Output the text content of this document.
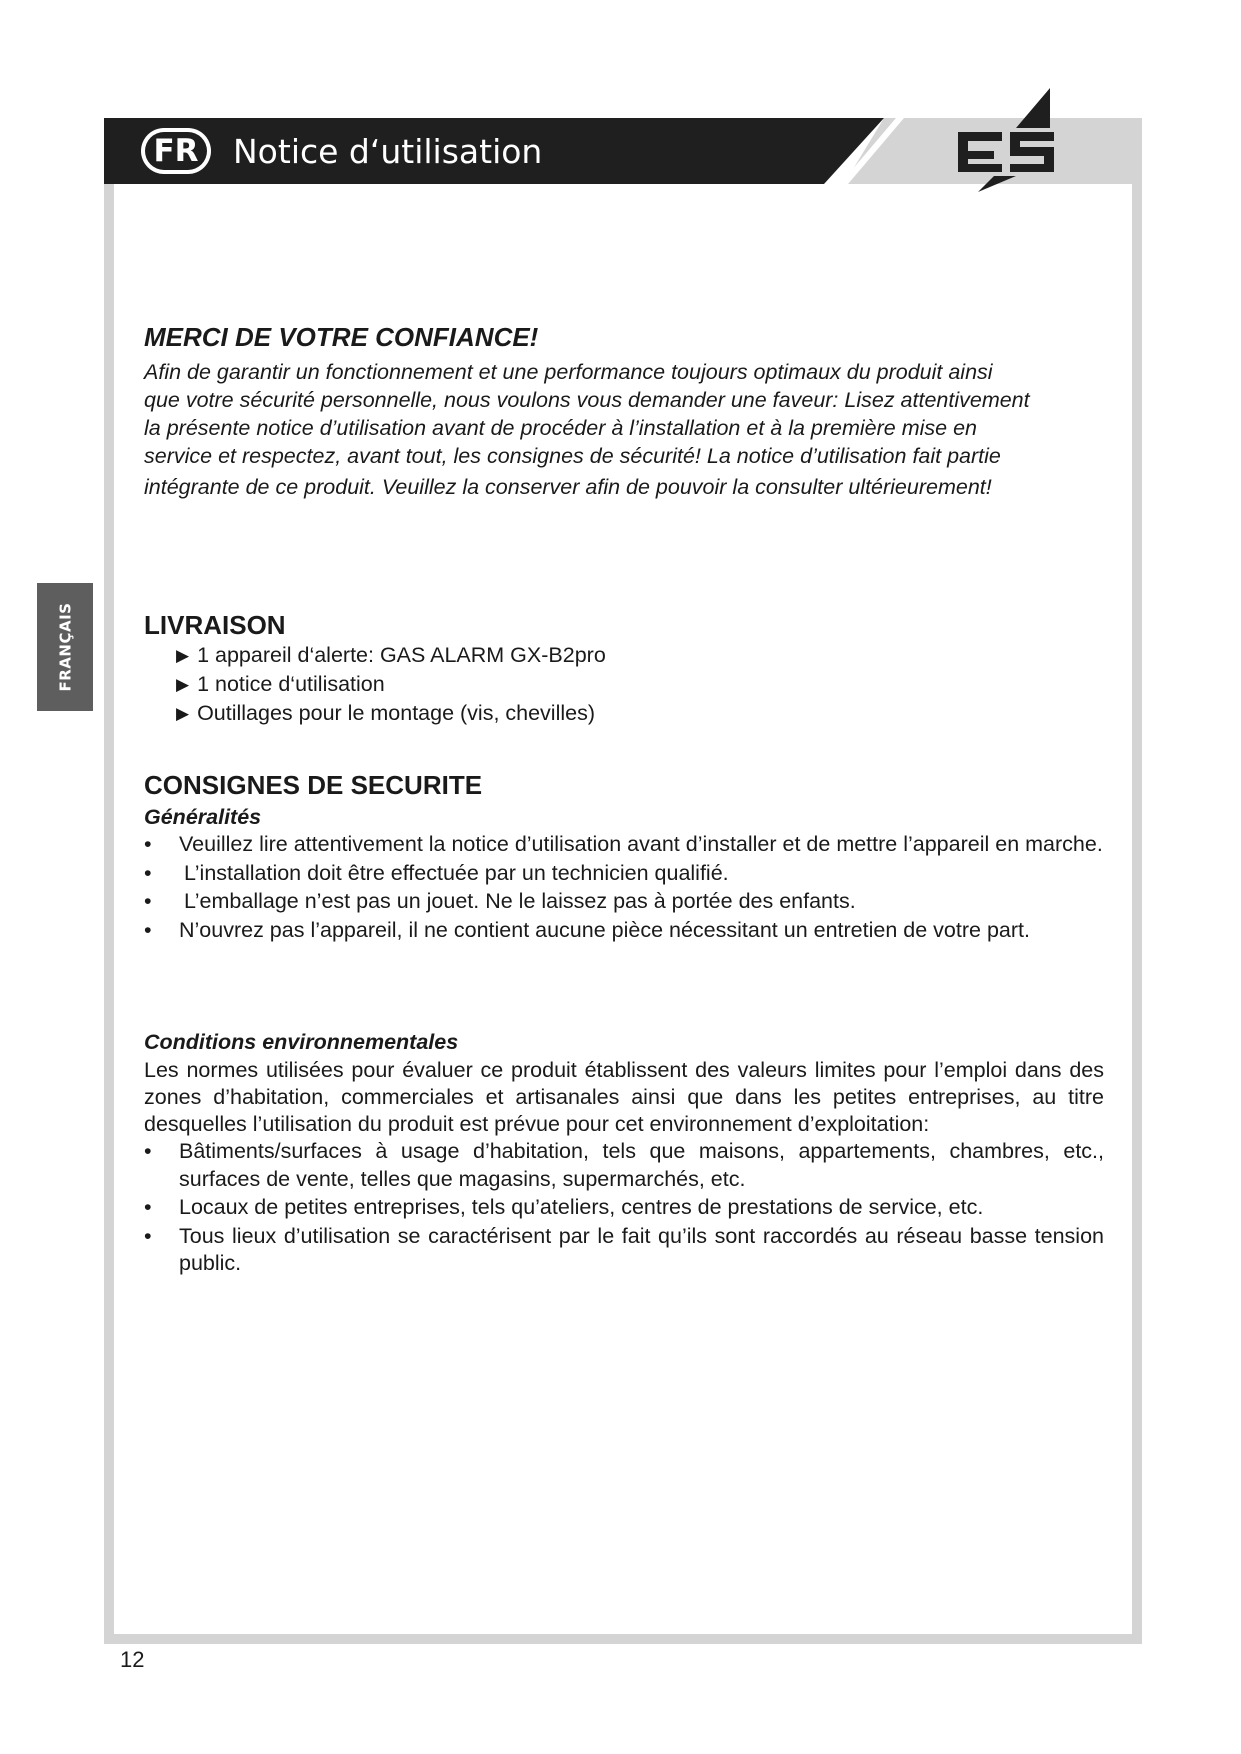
FR Notice d‘utilisation
FRANÇAIS
MERCI DE VOTRE CONFIANCE!
Afin de garantir un fonctionnement et une performance toujours optimaux du produit ainsi
que votre sécurité personnelle, nous voulons vous demander une faveur: Lisez attentivement
la présente notice d’utilisation avant de procéder à l’installation et à la première mise en
service et respectez, avant tout, les consignes de sécurité! La notice d’utilisation fait partie
intégrante de ce produit. Veuillez la conserver afin de pouvoir la consulter ultérieurement!
LIVRAISON
▶ 1 appareil d‘alerte: GAS ALARM GX-B2pro
▶ 1 notice d‘utilisation
▶ Outillages pour le montage (vis, chevilles)
CONSIGNES DE SECURITE
Généralités
• Veuillez lire attentivement la notice d’utilisation avant d’installer et de mettre l’appareil en marche.
• L’installation doit être effectuée par un technicien qualifié.
• L’emballage n’est pas un jouet. Ne le laissez pas à portée des enfants.
• N’ouvrez pas l’appareil, il ne contient aucune pièce nécessitant un entretien de votre part.
Conditions environnementales
Les normes utilisées pour évaluer ce produit établissent des valeurs limites pour l’emploi dans des zones d’habitation, commerciales et artisanales ainsi que dans les petites entreprises, au titre desquelles l’utilisation du produit est prévue pour cet environnement d’exploitation:
• Bâtiments/surfaces à usage d’habitation, tels que maisons, appartements, chambres, etc., surfaces de vente, telles que magasins, supermarchés, etc.
• Locaux de petites entreprises, tels qu’ateliers, centres de prestations de service, etc.
• Tous lieux d’utilisation se caractérisent par le fait qu’ils sont raccordés au réseau basse tension public.
12
